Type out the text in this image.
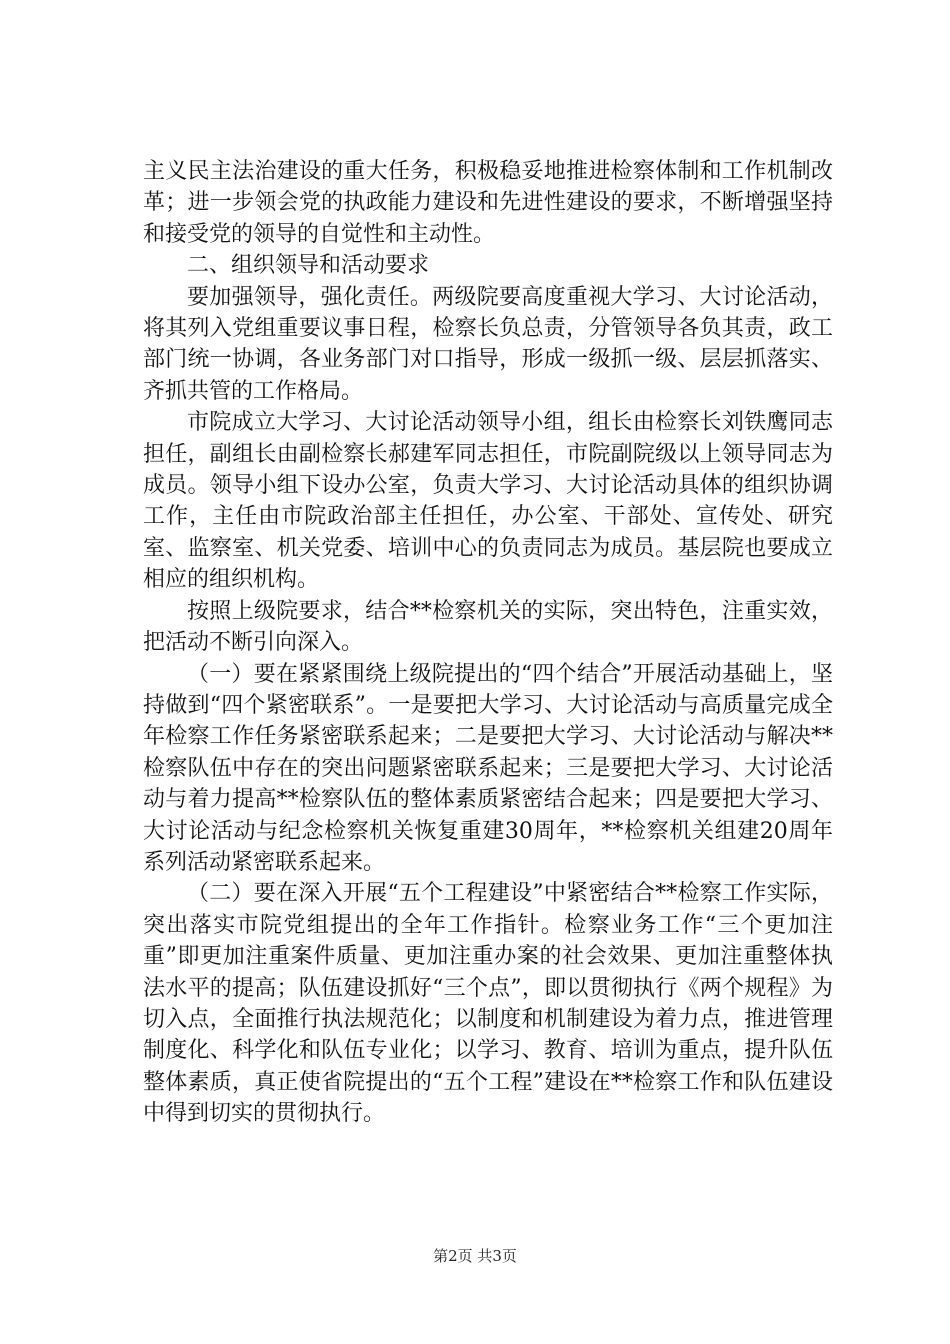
主义民主法治建设的重大任务，积极稳妥地推进检察体制和工作机制改革；进一步领会党的执政能力建设和先进性建设的要求，不断增强坚持和接受党的领导的自觉性和主动性。

二、组织领导和活动要求

要加强领导，强化责任。两级院要高度重视大学习、大讨论活动，将其列入党组重要议事日程，检察长负总责，分管领导各负其责，政工部门统一协调，各业务部门对口指导，形成一级抓一级、层层抓落实、齐抓共管的工作格局。

市院成立大学习、大讨论活动领导小组，组长由检察长刘铁鹰同志担任，副组长由副检察长郝建军同志担任，市院副院级以上领导同志为成员。领导小组下设办公室，负责大学习、大讨论活动具体的组织协调工作，主任由市院政治部主任担任，办公室、干部处、宣传处、研究室、监察室、机关党委、培训中心的负责同志为成员。基层院也要成立相应的组织机构。

按照上级院要求，结合**检察机关的实际，突出特色，注重实效，把活动不断引向深入。

（一）要在紧紧围绕上级院提出的“四个结合”开展活动基础上，坚持做到“四个紧密联系”。一是要把大学习、大讨论活动与高质量完成全年检察工作任务紧密联系起来；二是要把大学习、大讨论活动与解决**检察队伍中存在的突出问题紧密联系起来；三是要把大学习、大讨论活动与着力提高**检察队伍的整体素质紧密结合起来；四是要把大学习、大讨论活动与纪念检察机关恢复重建30周年，**检察机关组建20周年系列活动紧密联系起来。

（二）要在深入开展“五个工程建设”中紧密结合**检察工作实际，突出落实市院党组提出的全年工作指针。检察业务工作“三个更加注重”即更加注重案件质量、更加注重办案的社会效果、更加注重整体执法水平的提高；队伍建设抓好“三个点”，即以贯彻执行《两个规程》为切入点，全面推行执法规范化；以制度和机制建设为着力点，推进管理制度化、科学化和队伍专业化；以学习、教育、培训为重点，提升队伍整体素质，真正使省院提出的“五个工程”建设在**检察工作和队伍建设中得到切实的贯彻执行。

第2页 共3页
